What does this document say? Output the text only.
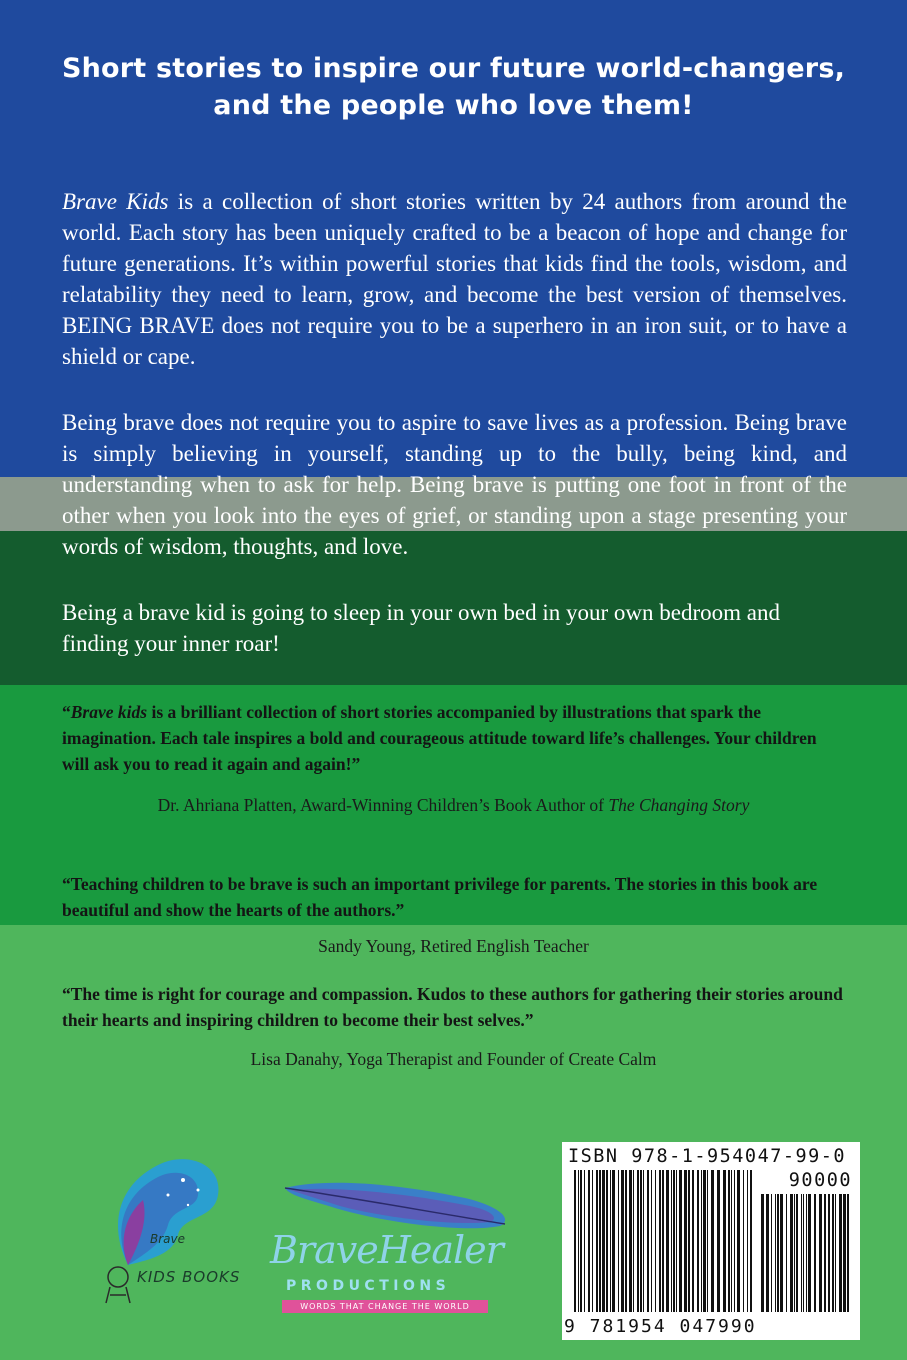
Short stories to inspire our future world-changers,
and the people who love them!

Brave Kids is a collection of short stories written by 24 authors from around the world. Each story has been uniquely crafted to be a beacon of hope and change for future generations. It’s within powerful stories that kids find the tools, wisdom, and relatability they need to learn, grow, and become the best version of themselves. BEING BRAVE does not require you to be a superhero in an iron suit, or to have a shield or cape.

Being brave does not require you to aspire to save lives as a profession. Being brave is simply believing in yourself, standing up to the bully, being kind, and understanding when to ask for help. Being brave is putting one foot in front of the other when you look into the eyes of grief, or standing upon a stage presenting your words of wisdom, thoughts, and love.

Being a brave kid is going to sleep in your own bed in your own bedroom and finding your inner roar!

“Brave kids is a brilliant collection of short stories accompanied by illustrations that spark the imagination. Each tale inspires a bold and courageous attitude toward life’s challenges. Your children will ask you to read it again and again!”

Dr. Ahriana Platten, Award-Winning Children’s Book Author of The Changing Story

“Teaching children to be brave is such an important privilege for parents. The stories in this book are beautiful and show the hearts of the authors.”

Sandy Young, Retired English Teacher

“The time is right for courage and compassion. Kudos to these authors for gathering their stories around their hearts and inspiring children to become their best selves.”

Lisa Danahy, Yoga Therapist and Founder of Create Calm

Brave
KIDS BOOKS
BraveHealer
PRODUCTIONS
WORDS THAT CHANGE THE WORLD
ISBN 978-1-954047-99-0
90000
9 781954 047990
